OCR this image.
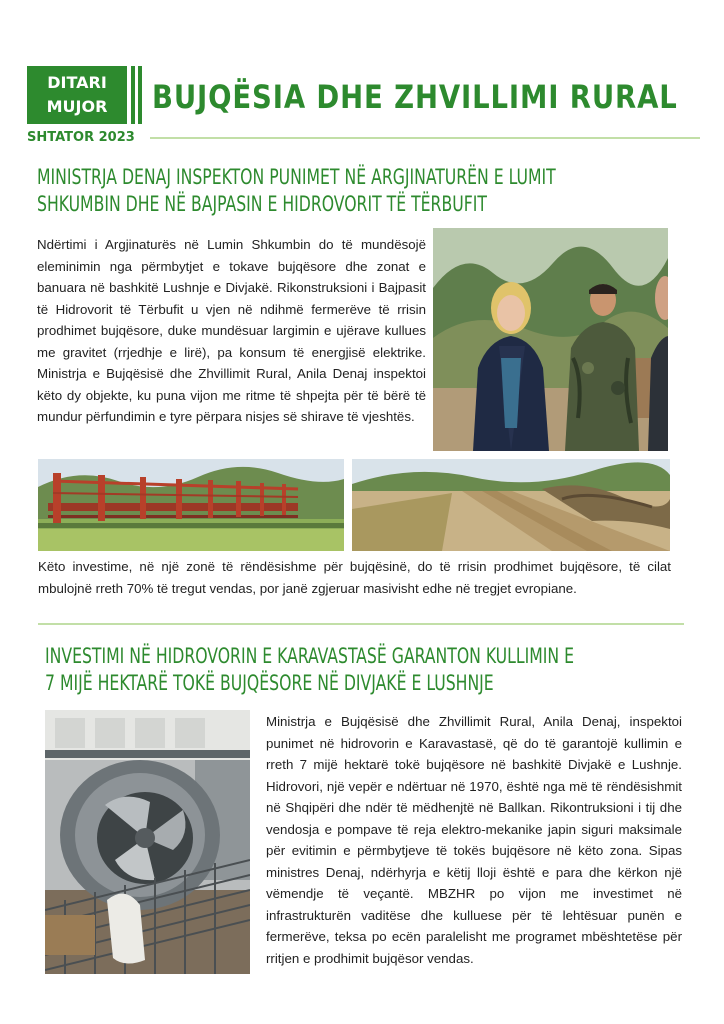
DITARI
MUJOR	BUJQËSIA DHE ZHVILLIMI RURAL
SHTATOR 2023
MINISTRJA DENAJ INSPEKTON PUNIMET NË ARGJINATURËN E LUMIT
SHKUMBIN DHE NË BAJPASIN E HIDROVORIT TË TËRBUFIT

Ndërtimi i Argjinaturës në Lumin Shkumbin do të mundësojë eleminimin nga përmbytjet e tokave bujqësore dhe zonat e banuara në bashkitë Lushnje e Divjakë. Rikonstruksioni i Bajpasit të Hidrovorit të Tërbufit u vjen në ndihmë fermerëve të rrisin prodhimet bujqësore, duke mundësuar largimin e ujërave kullues me gravitet (rrjedhje e lirë), pa konsum të energjisë elektrike. Ministrja e Bujqësisë dhe Zhvillimit Rural, Anila Denaj inspektoi këto dy objekte, ku puna vijon me ritme të shpejta për të bërë të mundur përfundimin e tyre përpara nisjes së shirave të vjeshtës.

Këto investime, në një zonë të rëndësishme për bujqësinë, do të rrisin prodhimet bujqësore, të cilat mbulojnë rreth 70% të tregut vendas, por janë zgjeruar masivisht edhe në tregjet evropiane.

INVESTIMI NË HIDROVORIN E KARAVASTASË GARANTON KULLIMIN E
7 MIJË HEKTARË TOKË BUJQËSORE NË DIVJAKË E LUSHNJE

Ministrja e Bujqësisë dhe Zhvillimit Rural, Anila Denaj, inspektoi punimet në hidrovorin e Karavastasë, që do të garantojë kullimin e rreth 7 mijë hektarë tokë bujqësore në bashkitë Divjakë e Lushnje. Hidrovori, një vepër e ndërtuar në 1970, është nga më të rëndësishmit në Shqipëri dhe ndër të mëdhenjtë në Ballkan. Rikontruksioni i tij dhe vendosja e pompave të reja elektro-mekanike japin siguri maksimale për evitimin e përmbytjeve të tokës bujqësore në këto zona. Sipas ministres Denaj, ndërhyrja e këtij lloji është e para dhe kërkon një vëmendje të veçantë. MBZHR po vijon me investimet në infrastrukturën vaditëse dhe kulluese për të lehtësuar punën e fermerëve, teksa po ecën paralelisht me programet mbështetëse për rritjen e prodhimit bujqësor vendas.
